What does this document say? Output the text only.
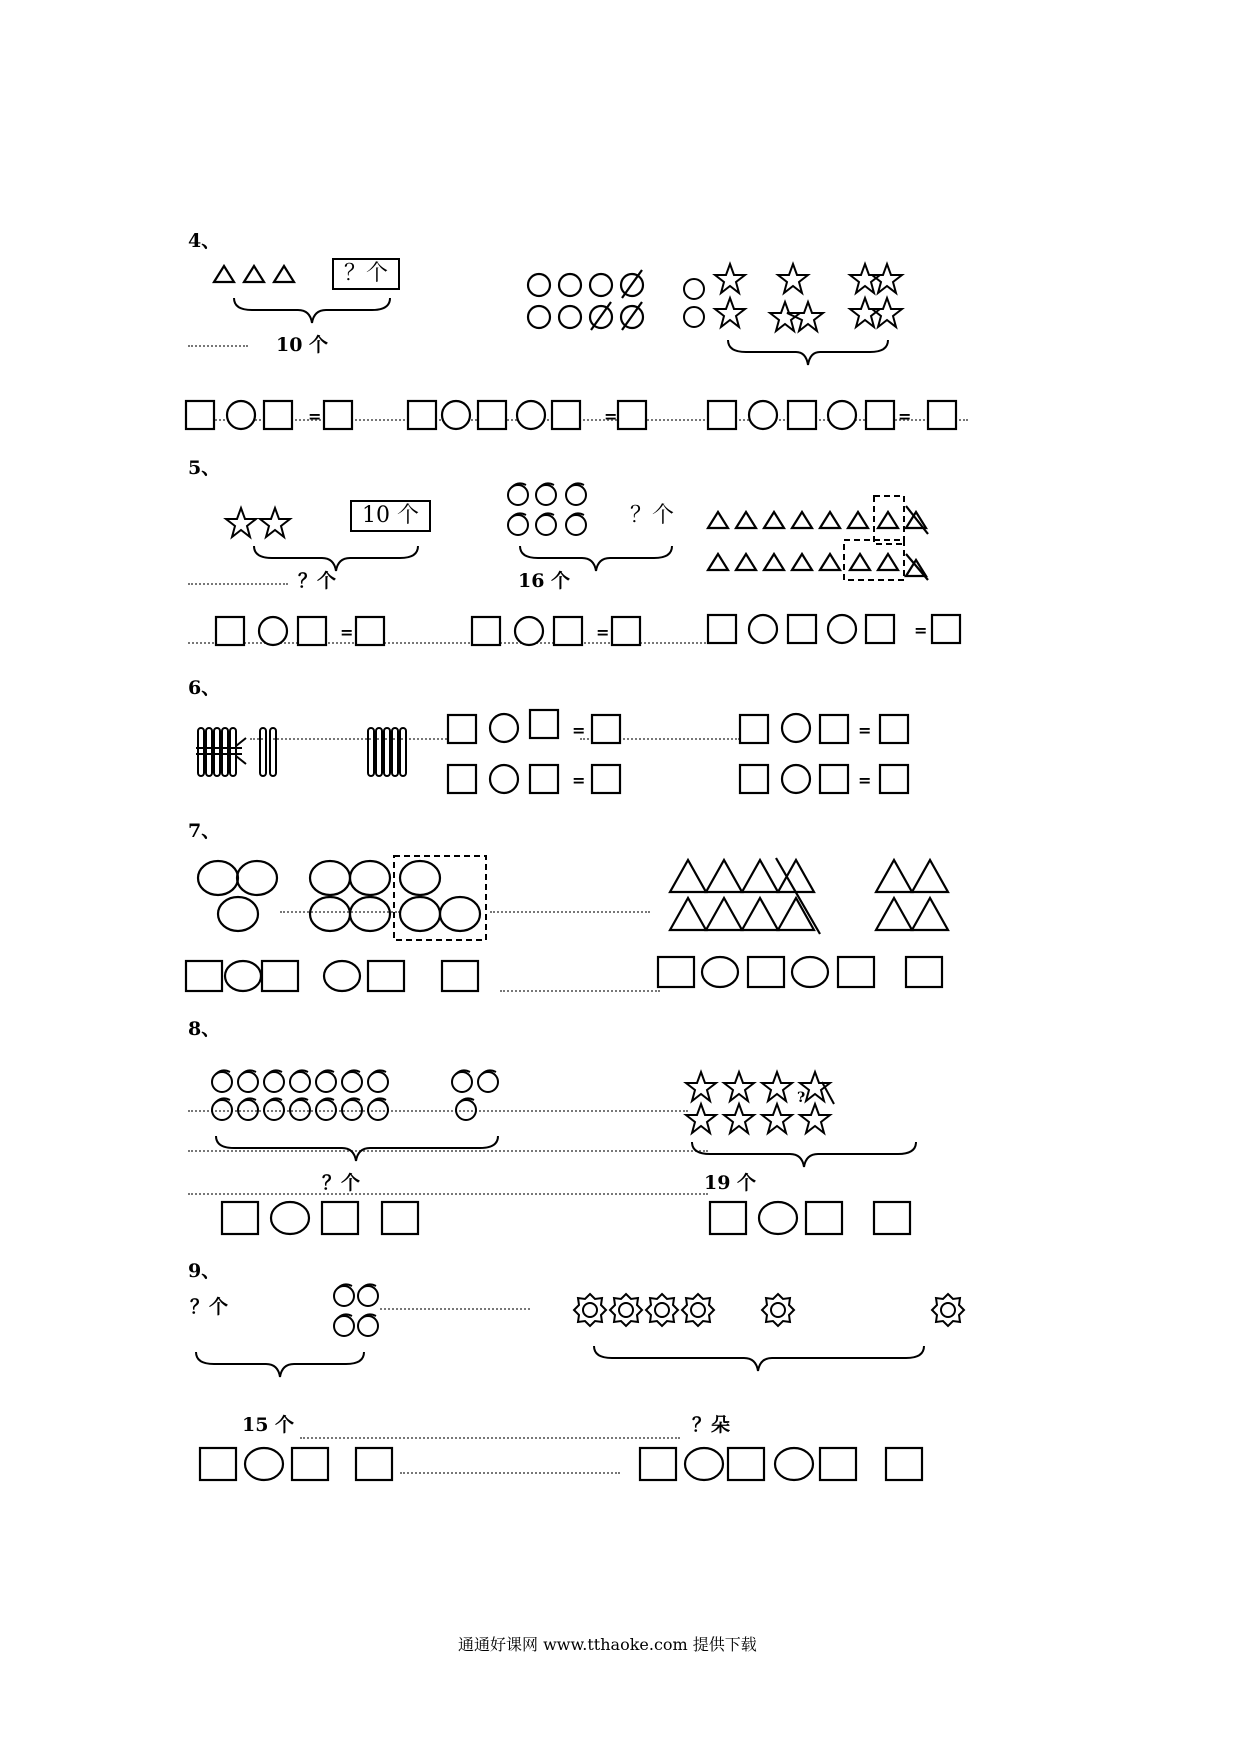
4、
？个
10 个
=	=	=
5、
10 个
？个
？个
16 个
=	=	=
6、
=
=
=
=
7、
8、
？个
?
19 个
9、
？个
15 个	？朵
通通好课网 www.tthaoke.com 提供下载
